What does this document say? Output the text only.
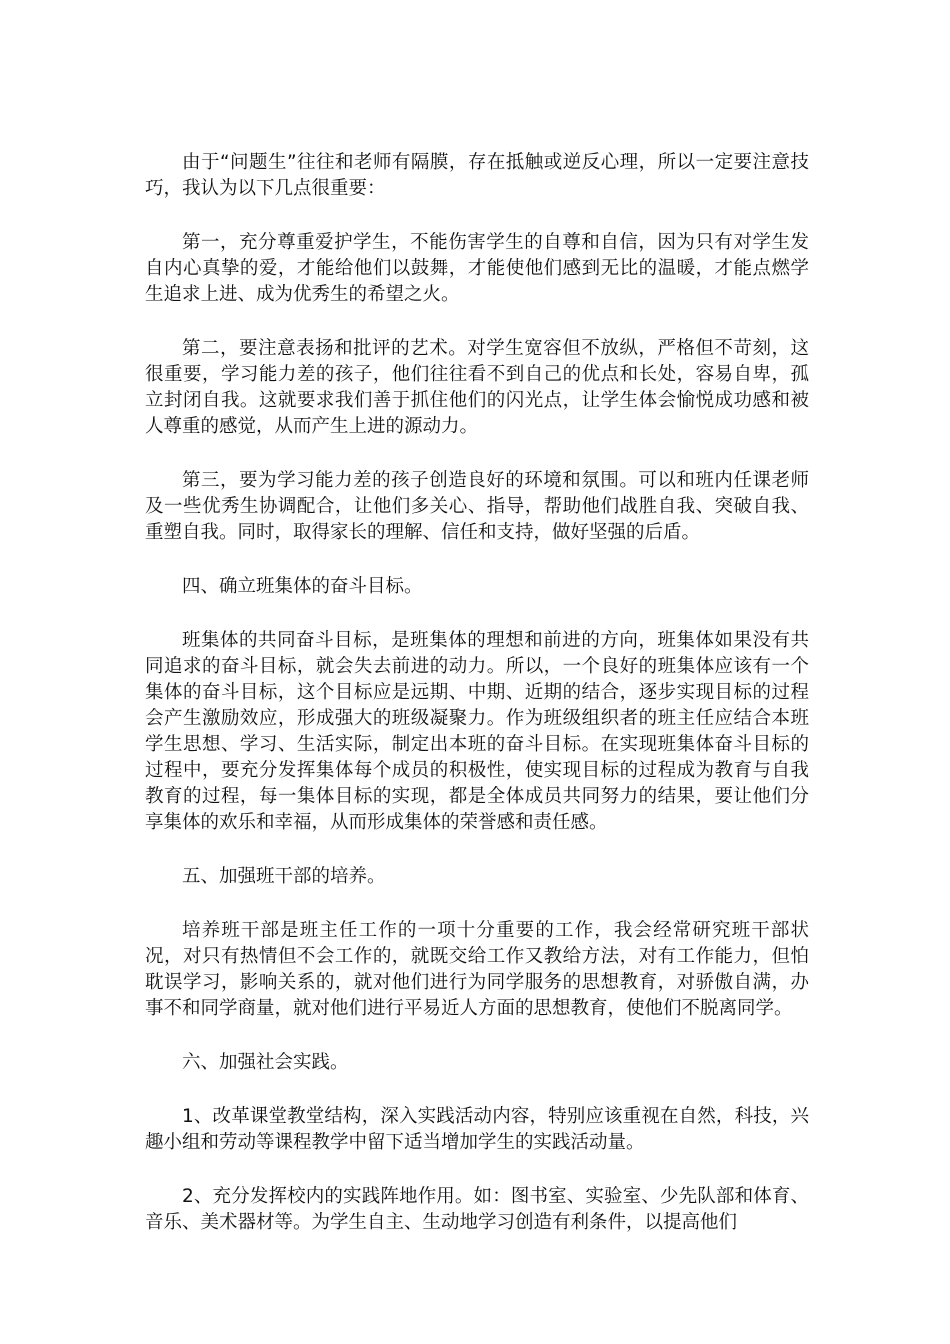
由于“问题生”往往和老师有隔膜，存在抵触或逆反心理，所以一定要注意技巧，我认为以下几点很重要：

第一，充分尊重爱护学生，不能伤害学生的自尊和自信，因为只有对学生发自内心真挚的爱，才能给他们以鼓舞，才能使他们感到无比的温暖，才能点燃学生追求上进、成为优秀生的希望之火。

第二，要注意表扬和批评的艺术。对学生宽容但不放纵，严格但不苛刻，这很重要，学习能力差的孩子，他们往往看不到自己的优点和长处，容易自卑，孤立封闭自我。这就要求我们善于抓住他们的闪光点，让学生体会愉悦成功感和被人尊重的感觉，从而产生上进的源动力。

第三，要为学习能力差的孩子创造良好的环境和氛围。可以和班内任课老师及一些优秀生协调配合，让他们多关心、指导，帮助他们战胜自我、突破自我、重塑自我。同时，取得家长的理解、信任和支持，做好坚强的后盾。

四、确立班集体的奋斗目标。

班集体的共同奋斗目标，是班集体的理想和前进的方向，班集体如果没有共同追求的奋斗目标，就会失去前进的动力。所以，一个良好的班集体应该有一个集体的奋斗目标，这个目标应是远期、中期、近期的结合，逐步实现目标的过程会产生激励效应，形成强大的班级凝聚力。作为班级组织者的班主任应结合本班学生思想、学习、生活实际，制定出本班的奋斗目标。在实现班集体奋斗目标的过程中，要充分发挥集体每个成员的积极性，使实现目标的过程成为教育与自我教育的过程，每一集体目标的实现，都是全体成员共同努力的结果，要让他们分享集体的欢乐和幸福，从而形成集体的荣誉感和责任感。

五、加强班干部的培养。

培养班干部是班主任工作的一项十分重要的工作，我会经常研究班干部状况，对只有热情但不会工作的，就既交给工作又教给方法，对有工作能力，但怕耽误学习，影响关系的，就对他们进行为同学服务的思想教育，对骄傲自满，办事不和同学商量，就对他们进行平易近人方面的思想教育，使他们不脱离同学。

六、加强社会实践。

1、改革课堂教堂结构，深入实践活动内容，特别应该重视在自然，科技，兴趣小组和劳动等课程教学中留下适当增加学生的实践活动量。

2、充分发挥校内的实践阵地作用。如：图书室、实验室、少先队部和体育、音乐、美术器材等。为学生自主、生动地学习创造有利条件，以提高他们
